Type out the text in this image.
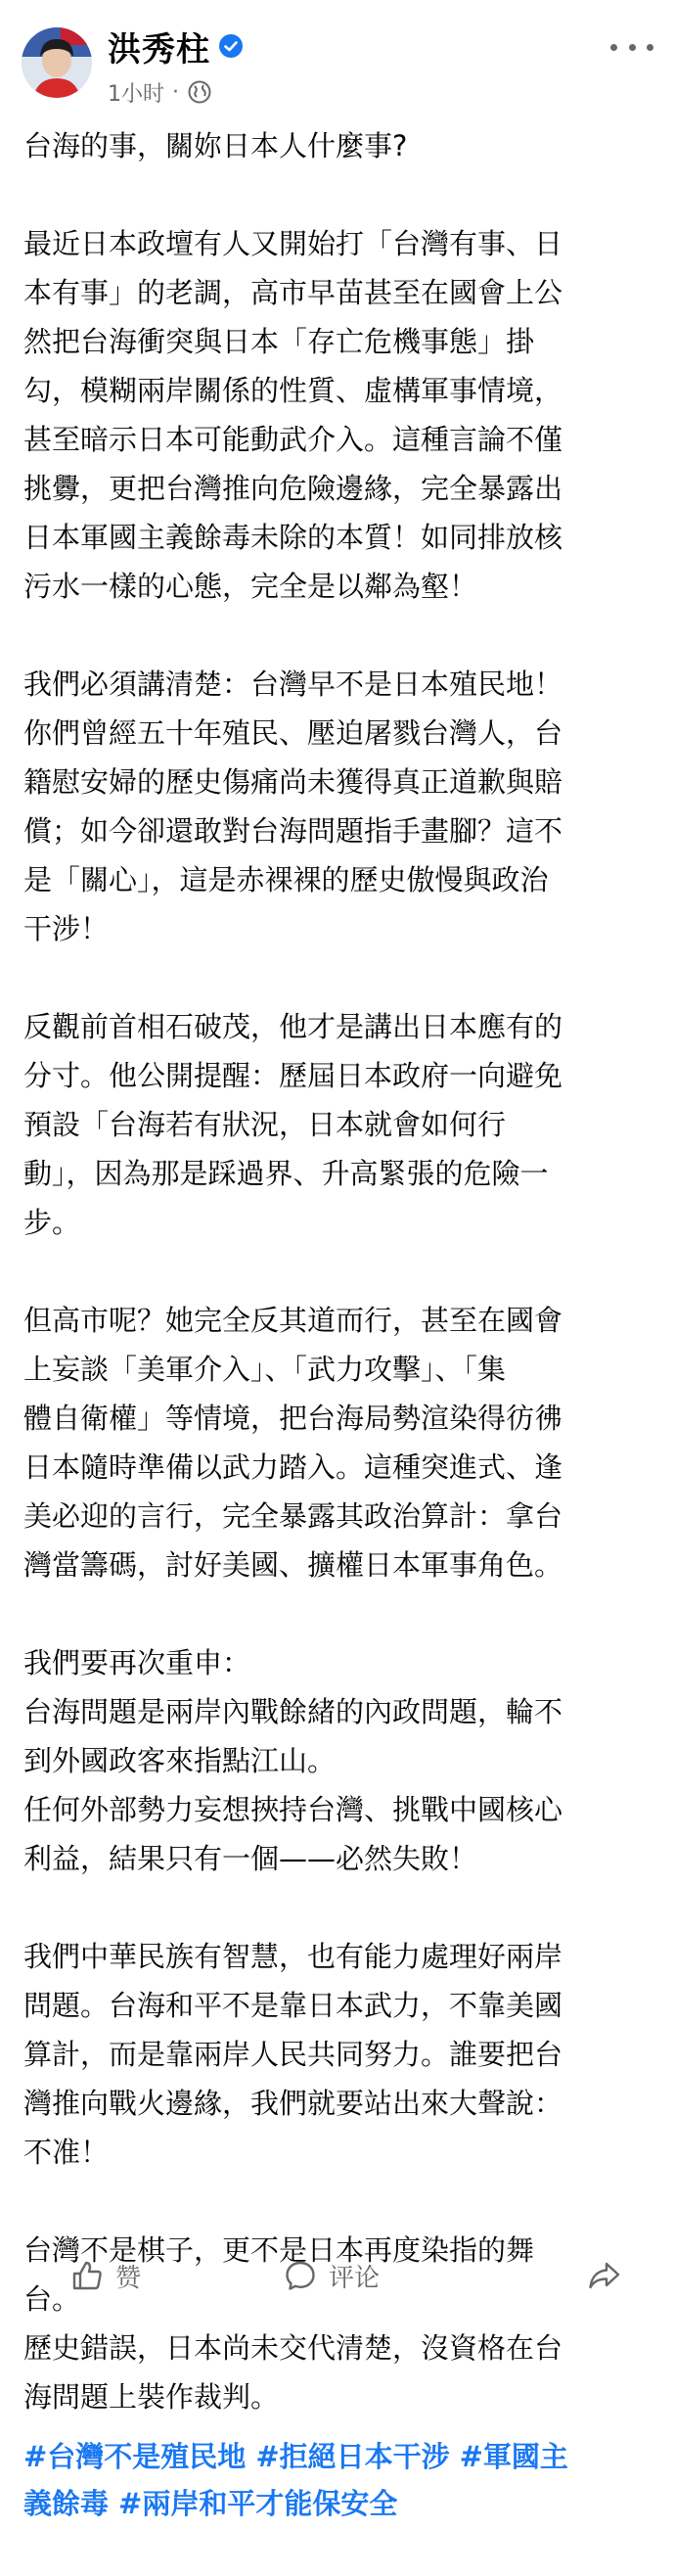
洪秀柱
1小时 ·

台海的事，關妳日本人什麼事?

最近日本政壇有人又開始打「台灣有事、日
本有事」的老調，高市早苗甚至在國會上公
然把台海衝突與日本「存亡危機事態」掛
勾，模糊兩岸關係的性質、虛構軍事情境，
甚至暗示日本可能動武介入。這種言論不僅
挑釁，更把台灣推向危險邊緣，完全暴露出
日本軍國主義餘毒未除的本質！如同排放核
污水一樣的心態，完全是以鄰為壑！

我們必須講清楚：台灣早不是日本殖民地！
你們曾經五十年殖民、壓迫屠戮台灣人，台
籍慰安婦的歷史傷痛尚未獲得真正道歉與賠
償；如今卻還敢對台海問題指手畫腳？這不
是「關心」，這是赤裸裸的歷史傲慢與政治
干涉！

反觀前首相石破茂，他才是講出日本應有的
分寸。他公開提醒：歷屆日本政府一向避免
預設「台海若有狀況，日本就會如何行
動」，因為那是踩過界、升高緊張的危險一
步。

但高市呢？她完全反其道而行，甚至在國會
上妄談「美軍介入」、「武力攻擊」、「集
體自衛權」等情境，把台海局勢渲染得彷彿
日本隨時準備以武力踏入。這種突進式、逢
美必迎的言行，完全暴露其政治算計：拿台
灣當籌碼，討好美國、擴權日本軍事角色。

我們要再次重申：
台海問題是兩岸內戰餘緒的內政問題，輪不
到外國政客來指點江山。
任何外部勢力妄想挾持台灣、挑戰中國核心
利益，結果只有一個——必然失敗！

我們中華民族有智慧，也有能力處理好兩岸
問題。台海和平不是靠日本武力，不靠美國
算計，而是靠兩岸人民共同努力。誰要把台
灣推向戰火邊緣，我們就要站出來大聲說：
不准！

台灣不是棋子，更不是日本再度染指的舞
台。
歷史錯誤，日本尚未交代清楚，沒資格在台
海問題上裝作裁判。

#台灣不是殖民地 #拒絕日本干涉 #軍國主
義餘毒 #兩岸和平才能保安全

赞	评论
